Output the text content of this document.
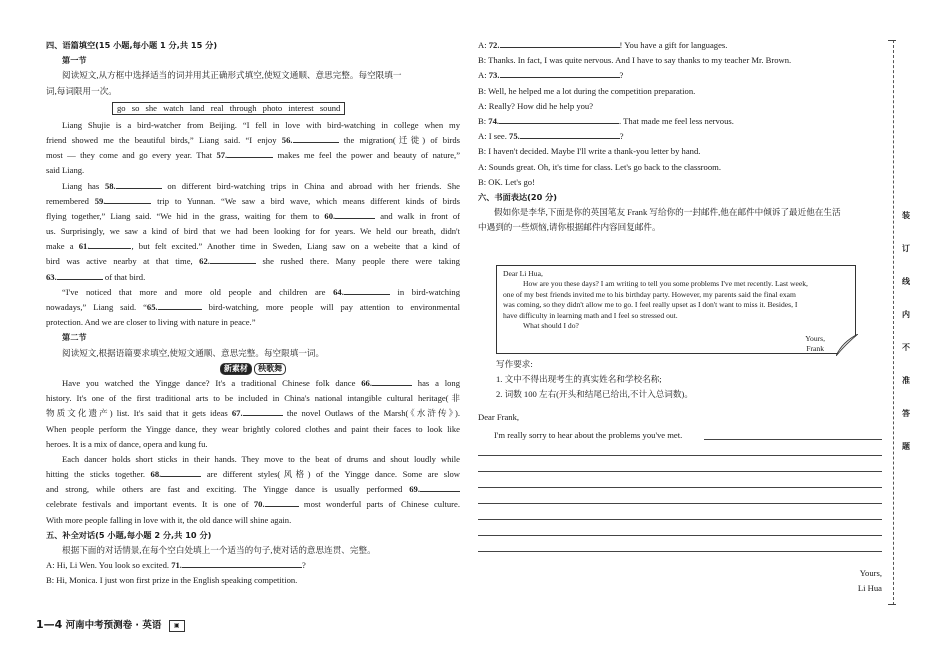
四、语篇填空(15 小题,每小题 1 分,共 15 分)
第一节
阅读短文,从方框中选择适当的词并用其正确形式填空,使短文通顺、意思完整。每空限填一
词,每词限用一次。
go so she watch land real through photo interest sound
Liang Shujie is a bird-watcher from Beijing. “I fell in love with bird-watching in college when my
friend showed me the beautiful birds,” Liang said. “I enjoy 56.	the migration(迁徙) of birds
most — they come and go every year. That 57.	makes me feel the power and beauty of nature,”
said Liang.
Liang has 58.	on different bird-watching trips in China and abroad with her friends. She
remembered 59.	trip to Yunnan. “We saw a bird wave, which means different kinds of birds
flying together,” Liang said. “We hid in the grass, waiting for them to 60.	and walk in front of
us. Surprisingly, we saw a kind of bird that we had been looking for for years. We held our breath, didn't
make a 61.	, but felt excited.” Another time in Sweden, Liang saw on a webeite that a kind of
bird was active nearby at that time, 62.	she rushed there. Many people there were taking
63.	of that bird.
“I've noticed that more and more old people and children are 64.	in bird-watching
nowadays,” Liang said. “65.	bird-watching, more people will pay attention to environmental
protection. And we are closer to living with nature in peace.”
第二节
阅读短文,根据语篇要求填空,使短文通顺、意思完整。每空限填一词。
新素材 秧歌舞
Have you watched the Yingge dance? It's a traditional Chinese folk dance 66.	has a long
history. It's one of the first traditional arts to be included in China's national intangible cultural heritage(非
物质文化遗产) list. It's said that it gets ideas 67.	the novel Outlaws of the Marsh(《水浒传》).
When people perform the Yingge dance, they wear brightly colored clothes and paint their faces to look like
heroes. It is a mix of dance, opera and kung fu.
Each dancer holds short sticks in their hands. They move to the beat of drums and shout loudly while
hitting the sticks together. 68.	are different styles(风格) of the Yingge dance. Some are slow
and strong, while others are fast and exciting. The Yingge dance is usually performed 69.
celebrate festivals and important events. It is one of 70.	most wonderful parts of Chinese culture.
With more people falling in love with it, the old dance will shine again.
五、补全对话(5 小题,每小题 2 分,共 10 分)
根据下面的对话情景,在每个空白处填上一个适当的句子,使对话的意思连贯、完整。
A: Hi, Li Wen. You look so excited. 71.	?
B: Hi, Monica. I just won first prize in the English speaking competition.
A: 72.	! You have a gift for languages.
B: Thanks. In fact, I was quite nervous. And I have to say thanks to my teacher Mr. Brown.
A: 73.	?
B: Well, he helped me a lot during the competition preparation.
A: Really? How did he help you?
B: 74.	. That made me feel less nervous.
A: I see. 75.	?
B: I haven't decided. Maybe I'll write a thank-you letter by hand.
A: Sounds great. Oh, it's time for class. Let's go back to the classroom.
B: OK. Let's go!
六、书面表达(20 分)
假如你是李华,下面是你的英国笔友 Frank 写给你的一封邮件,他在邮件中倾诉了最近他在生活
中遇到的一些烦恼,请你根据邮件内容回复邮件。
Dear Li Hua,
How are you these days? I am writing to tell you some problems I've met recently. Last week,
one of my best friends invited me to his birthday party. However, my parents said the final exam
was coming, so they didn't allow me to go. I feel really upset as I don't want to miss it. Besides, I
have difficulty in learning math and I feel so stressed out.
What should I do?
Yours,
Frank
写作要求:
1. 文中不得出现考生的真实姓名和学校名称;
2. 词数 100 左右(开头和结尾已给出,不计入总词数)。
Dear Frank,
I'm really sorry to hear about the problems you've met.
Yours,
Li Hua
装
订
线
内
不
准
答
题
1—4 河南中考预测卷 · 英语 ▣
